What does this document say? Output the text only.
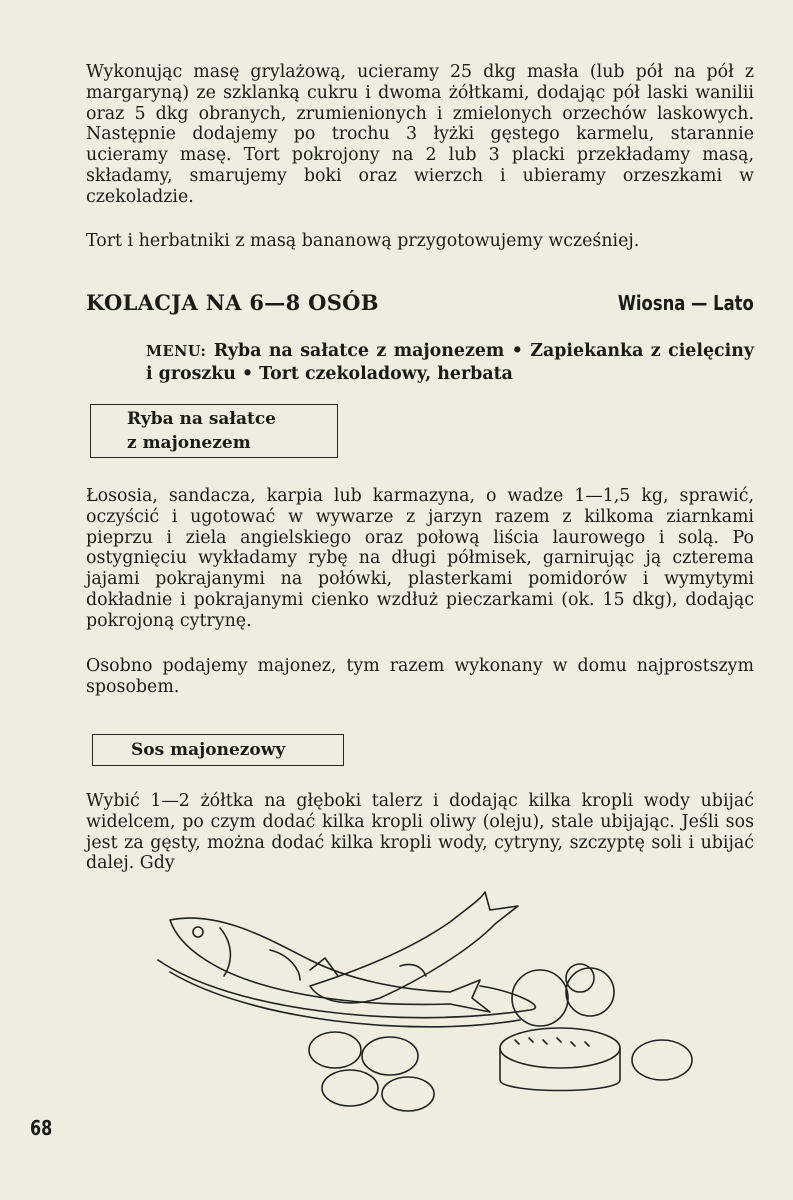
Wykonując masę grylażową, ucieramy 25 dkg masła (lub pół na pół z margaryną) ze szklanką cukru i dwoma żółtkami, dodając pół laski wanilii oraz 5 dkg obranych, zrumienionych i zmielonych orzechów laskowych. Następnie dodajemy po trochu 3 łyżki gęstego karmelu, starannie ucieramy masę. Tort pokrojony na 2 lub 3 placki przekładamy masą, składamy, smarujemy boki oraz wierzch i ubieramy orzeszkami w czekoladzie.

Tort i herbatniki z masą bananową przygotowujemy wcześniej.

KOLACJA NA 6—8 OSÓB	Wiosna — Lato

MENU: Ryba na sałatce z majonezem • Zapiekanka z cielęciny i groszku • Tort czekoladowy, herbata

Ryba na sałatce
z majonezem

Łososia, sandacza, karpia lub karmazyna, o wadze 1—1,5 kg, sprawić, oczyścić i ugotować w wywarze z jarzyn razem z kilkoma ziarnkami pieprzu i ziela angielskiego oraz połową liścia laurowego i solą. Po ostygnięciu wykładamy rybę na długi półmisek, garnirując ją czterema jajami pokrajanymi na połówki, plasterkami pomidorów i wymytymi dokładnie i pokrajanymi cienko wzdłuż pieczarkami (ok. 15 dkg), dodając pokrojoną cytrynę.

Osobno podajemy majonez, tym razem wykonany w domu najprostszym sposobem.

Sos majonezowy

Wybić 1—2 żółtka na głęboki talerz i dodając kilka kropli wody ubijać widelcem, po czym dodać kilka kropli oliwy (oleju), stale ubijając. Jeśli sos jest za gęsty, można dodać kilka kropli wody, cytryny, szczyptę soli i ubijać dalej. Gdy

68
